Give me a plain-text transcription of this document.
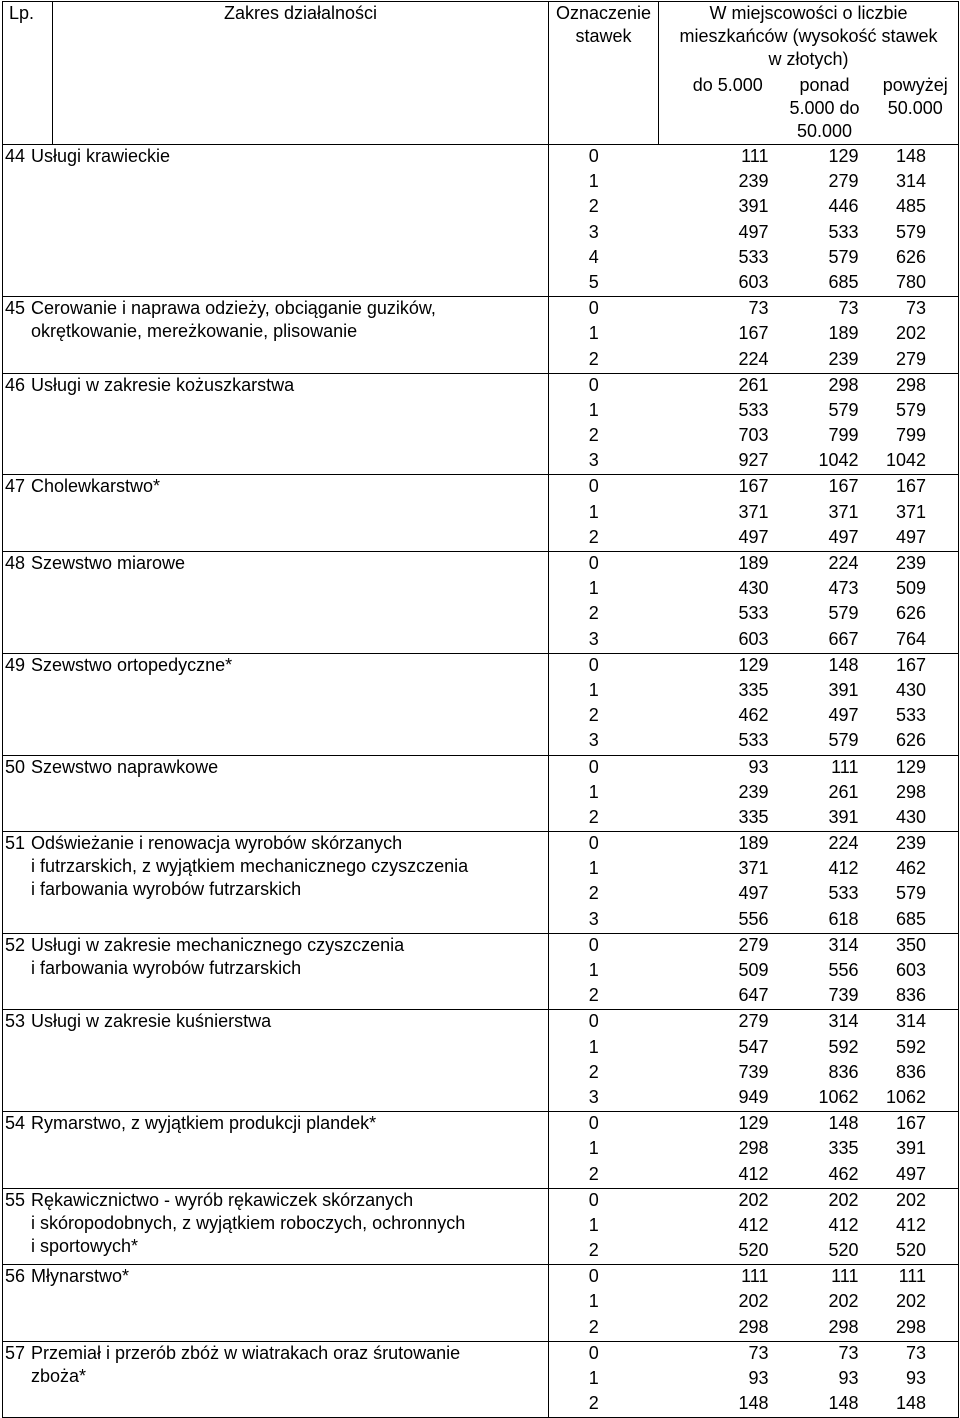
Lp.	Zakres działalności	Oznaczenie stawek	W miejscowości o liczbie mieszkańców (wysokość stawek w złotych)		
			do 5.000	ponad 5.000 do 50.000	powyżej 50.000
44 Usługi krawieckie		0	111	129	148
		1	239	279	314
		2	391	446	485
		3	497	533	579
		4	533	579	626
		5	603	685	780
45 Cerowanie i naprawa odzieży, obciąganie guzików,
okrętkowanie, mereżkowanie, plisowanie		0	73	73	73
		1	167	189	202
		2	224	239	279
46 Usługi w zakresie kożuszkarstwa		0	261	298	298
		1	533	579	579
		2	703	799	799
		3	927	1042	1042
47 Cholewkarstwo*		0	167	167	167
		1	371	371	371
		2	497	497	497
48 Szewstwo miarowe		0	189	224	239
		1	430	473	509
		2	533	579	626
		3	603	667	764
49 Szewstwo ortopedyczne*		0	129	148	167
		1	335	391	430
		2	462	497	533
		3	533	579	626
50 Szewstwo naprawkowe		0	93	111	129
		1	239	261	298
		2	335	391	430
51 Odświeżanie i renowacja wyrobów skórzanych
i futrzarskich, z wyjątkiem mechanicznego czyszczenia
i farbowania wyrobów futrzarskich		0	189	224	239
		1	371	412	462
		2	497	533	579
		3	556	618	685
52 Usługi w zakresie mechanicznego czyszczenia
i farbowania wyrobów futrzarskich		0	279	314	350
		1	509	556	603
		2	647	739	836
53 Usługi w zakresie kuśnierstwa		0	279	314	314
		1	547	592	592
		2	739	836	836
		3	949	1062	1062
54 Rymarstwo, z wyjątkiem produkcji plandek*		0	129	148	167
		1	298	335	391
		2	412	462	497
55 Rękawicznictwo - wyrób rękawiczek skórzanych
i skóropodobnych, z wyjątkiem roboczych, ochronnych
i sportowych*		0	202	202	202
		1	412	412	412
		2	520	520	520
56 Młynarstwo*		0	111	111	111
		1	202	202	202
		2	298	298	298
57 Przemiał i przerób zbóż w wiatrakach oraz śrutowanie
zboża*		0	73	73	73
		1	93	93	93
		2	148	148	148
